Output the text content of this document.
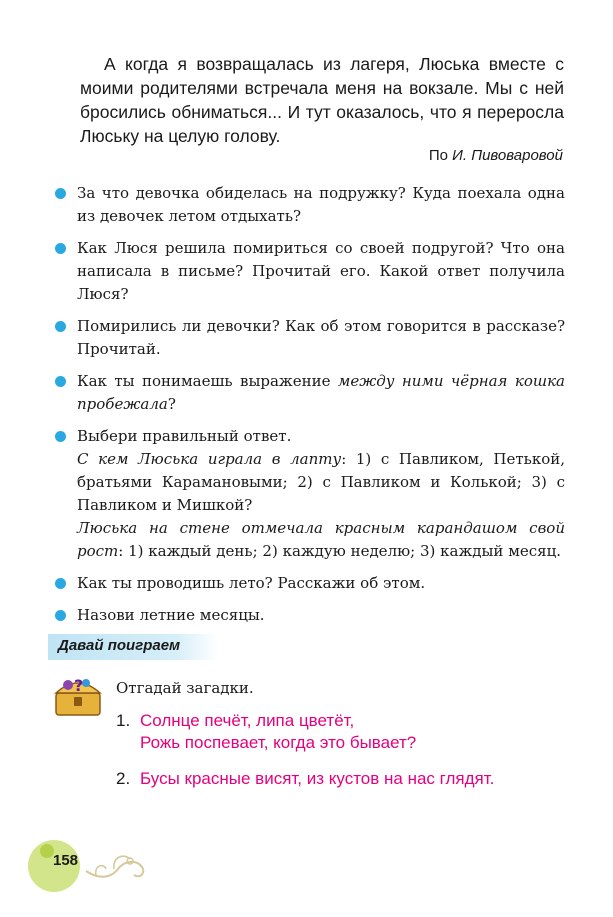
А когда я возвращалась из лагеря, Люська вместе с моими родителями встречала меня на вокзале. Мы с ней бросились обниматься... И тут оказалось, что я переросла Люську на целую голову.
По И. Пивоваровой
За что девочка обиделась на подружку? Куда поехала одна из девочек летом отдыхать?
Как Люся решила помириться со своей подругой? Что она написала в письме? Прочитай его. Какой ответ получила Люся?
Помирились ли девочки? Как об этом говорится в рассказе? Прочитай.
Как ты понимаешь выражение между ними чёрная кошка пробежала?
Выбери правильный ответ.
С кем Люська играла в лапту: 1) с Павликом, Петькой, братьями Карамановыми; 2) с Павликом и Колькой; 3) с Павликом и Мишкой?
Люська на стене отмечала красным карандашом свой рост: 1) каждый день; 2) каждую неделю; 3) каждый месяц.
Как ты проводишь лето? Расскажи об этом.
Назови летние месяцы.
Давай поиграем
? Отгадай загадки.
1. Солнце печёт, липа цветёт,
Рожь поспевает, когда это бывает?
2. Бусы красные висят, из кустов на нас глядят.
158
